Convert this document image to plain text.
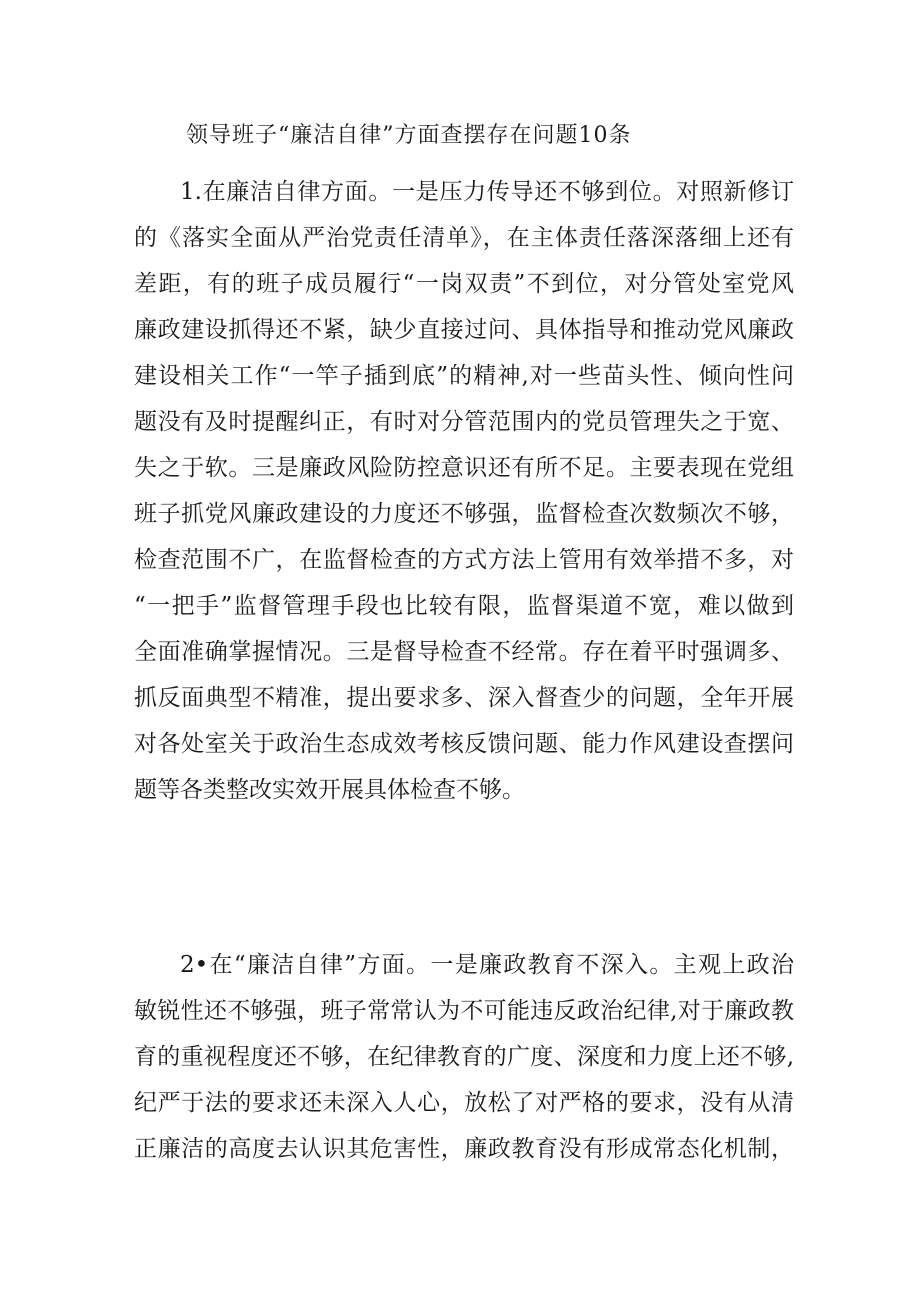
领导班子“廉洁自律”方面查摆存在问题10条
1.在廉洁自律方面。一是压力传导还不够到位。对照新修订
的《落实全面从严治党责任清单》，在主体责任落深落细上还有
差距，有的班子成员履行“一岗双责”不到位，对分管处室党风
廉政建设抓得还不紧，缺少直接过问、具体指导和推动党风廉政
建设相关工作“一竿子插到底”的精神,对一些苗头性、倾向性问
题没有及时提醒纠正，有时对分管范围内的党员管理失之于宽、
失之于软。三是廉政风险防控意识还有所不足。主要表现在党组
班子抓党风廉政建设的力度还不够强，监督检查次数频次不够，
检查范围不广，在监督检查的方式方法上管用有效举措不多，对
“一把手”监督管理手段也比较有限，监督渠道不宽，难以做到
全面准确掌握情况。三是督导检查不经常。存在着平时强调多、
抓反面典型不精准，提出要求多、深入督查少的问题，全年开展
对各处室关于政治生态成效考核反馈问题、能力作风建设查摆问
题等各类整改实效开展具体检查不够。
2•在“廉洁自律”方面。一是廉政教育不深入。主观上政治
敏锐性还不够强，班子常常认为不可能违反政治纪律,对于廉政教
育的重视程度还不够，在纪律教育的广度、深度和力度上还不够,
纪严于法的要求还未深入人心，放松了对严格的要求，没有从清
正廉洁的高度去认识其危害性，廉政教育没有形成常态化机制，
